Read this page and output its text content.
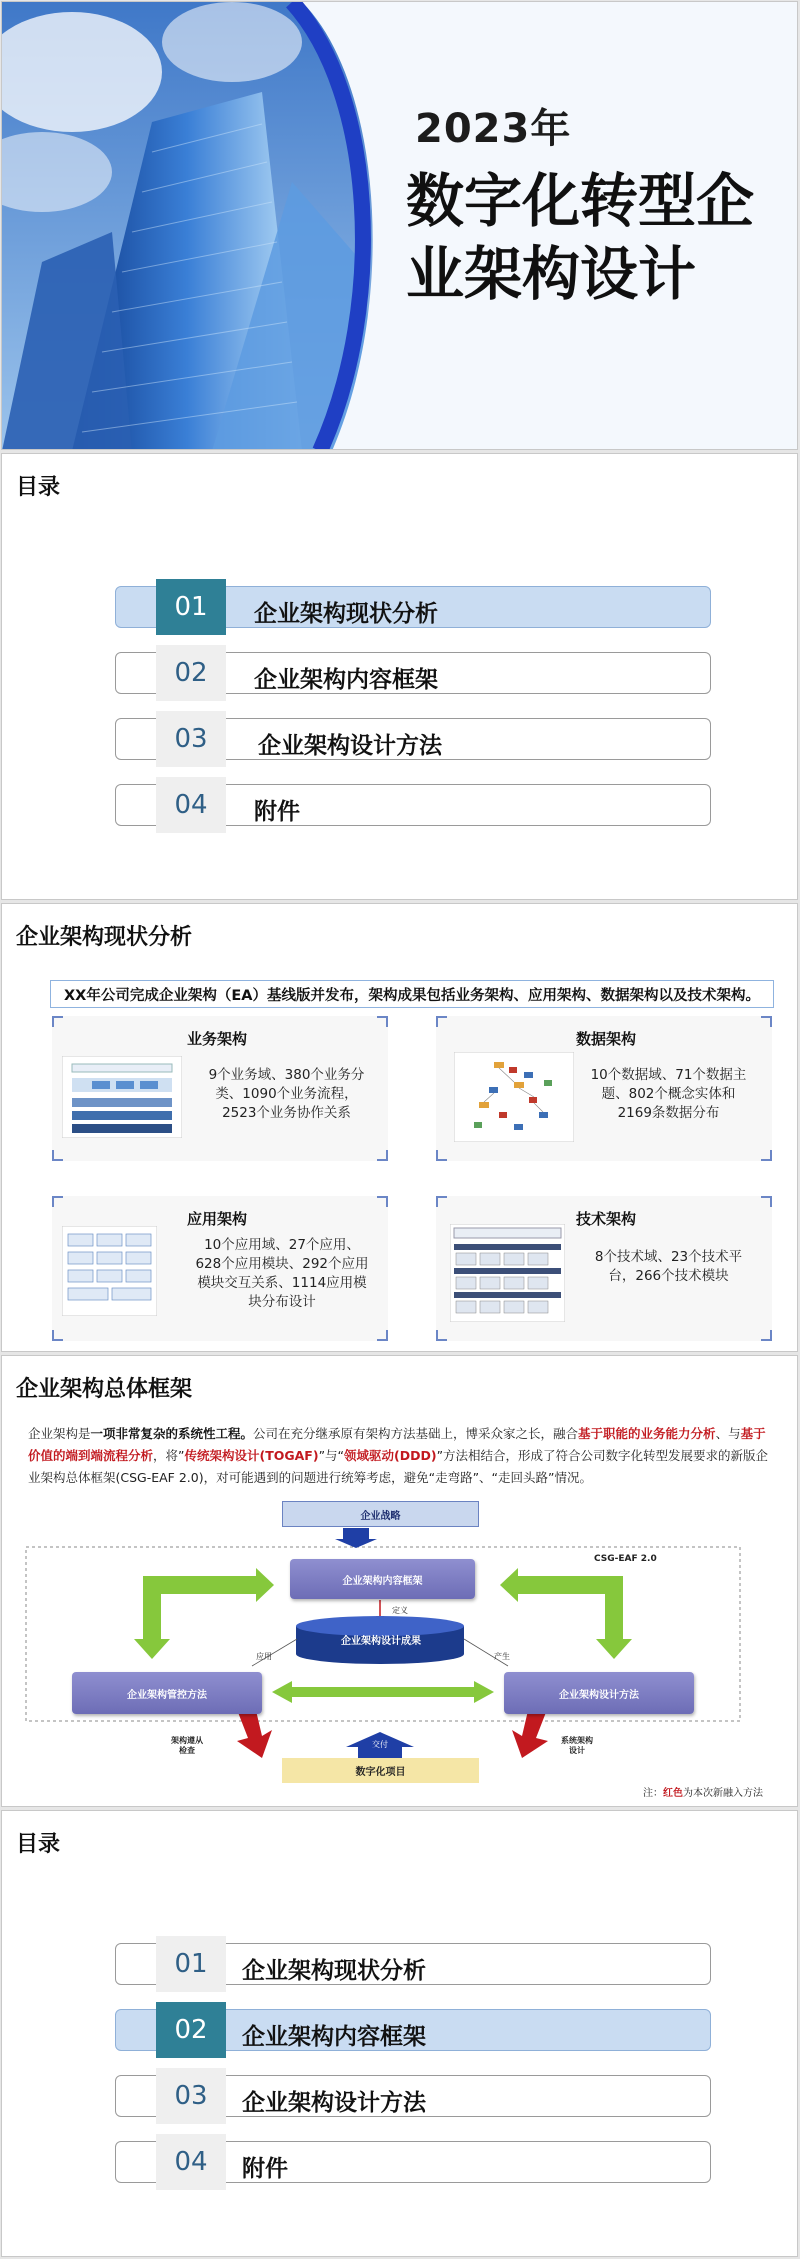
2023年
数字化转型企
业架构设计
目录
01	企业架构现状分析
02	企业架构内容框架
03	企业架构设计方法
04	附件
企业架构现状分析
XX年公司完成企业架构（EA）基线版并发布，架构成果包括业务架构、应用架构、数据架构以及技术架构。
业务架构
9个业务域、380个业务分类、1090个业务流程，2523个业务协作关系
数据架构
10个数据域、71个数据主题、802个概念实体和2169条数据分布
应用架构
10个应用域、27个应用、628个应用模块、292个应用模块交互关系、1114应用模块分布设计
技术架构
8个技术域、23个技术平台，266个技术模块
企业架构总体框架
企业架构是一项非常复杂的系统性工程。公司在充分继承原有架构方法基础上，博采众家之长，融合基于职能的业务能力分析、与基于价值的端到端流程分析，将”传统架构设计(TOGAF)”与“领域驱动(DDD)”方法相结合，形成了符合公司数字化转型发展要求的新版企业架构总体框架(CSG-EAF 2.0)，对可能遇到的问题进行统筹考虑，避免“走弯路”、“走回头路”情况。
企业战略
承接
企业架构内容框架
定义
企业架构设计成果
应用	产生
企业架构管控方法	企业架构设计方法
架构遵从检查
系统架构设计
交付
数字化项目
CSG-EAF 2.0
注：红色为本次新融入方法
目录
01	企业架构现状分析
02	企业架构内容框架
03	企业架构设计方法
04	附件
